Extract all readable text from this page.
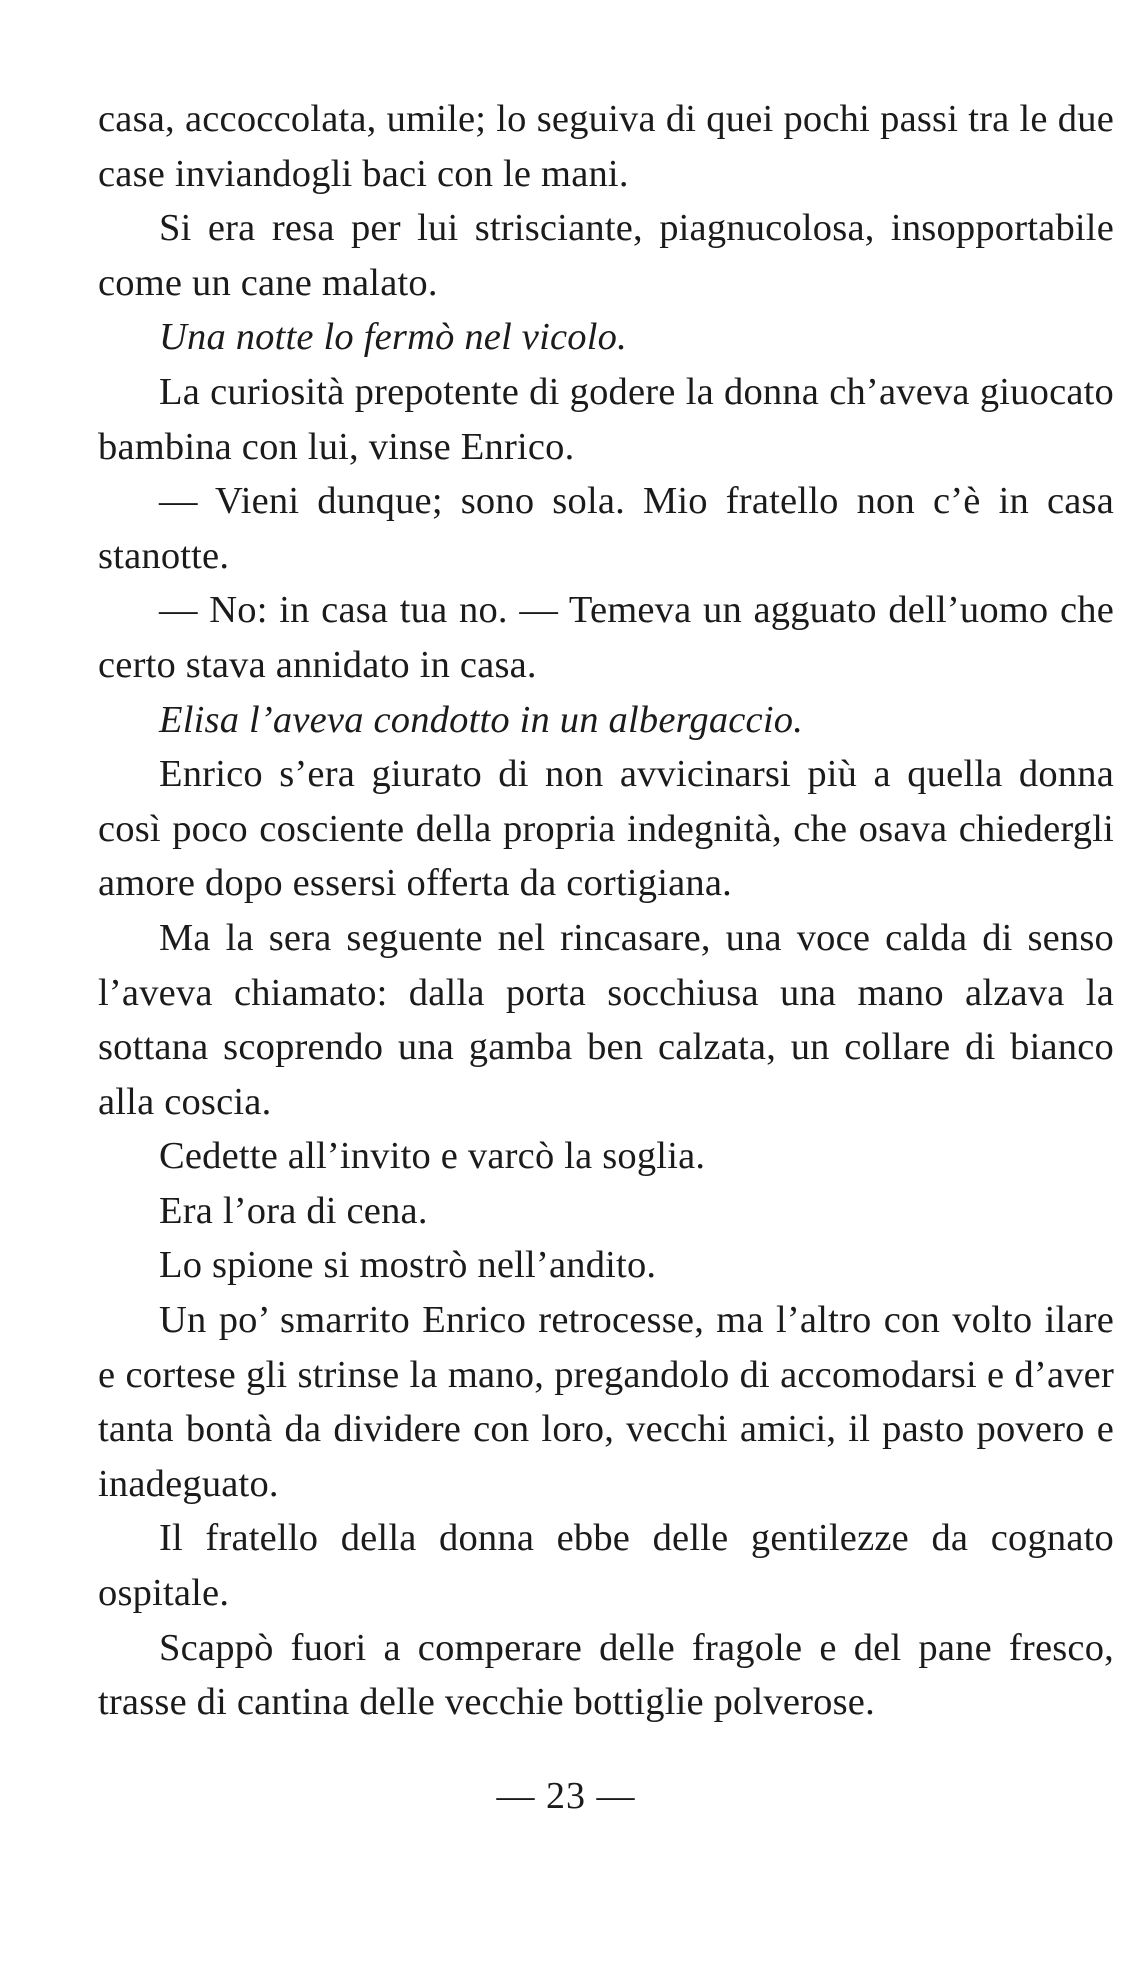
casa, accoccolata, umile; lo seguiva di quei pochi passi tra le due case inviandogli baci con le mani.

Si era resa per lui strisciante, piagnucolosa, insopportabile come un cane malato.

Una notte lo fermò nel vicolo.

La curiosità prepotente di godere la donna ch’aveva giuocato bambina con lui, vinse Enrico.

— Vieni dunque; sono sola. Mio fratello non c’è in casa stanotte.

— No: in casa tua no. — Temeva un agguato dell’uomo che certo stava annidato in casa.

Elisa l’aveva condotto in un albergaccio.

Enrico s’era giurato di non avvicinarsi più a quella donna così poco cosciente della propria indegnità, che osava chiedergli amore dopo essersi offerta da cortigiana.

Ma la sera seguente nel rincasare, una voce calda di senso l’aveva chiamato: dalla porta socchiusa una mano alzava la sottana scoprendo una gamba ben calzata, un collare di bianco alla coscia.

Cedette all’invito e varcò la soglia.

Era l’ora di cena.

Lo spione si mostrò nell’andito.

Un po’ smarrito Enrico retrocesse, ma l’altro con volto ilare e cortese gli strinse la mano, pregandolo di accomodarsi e d’aver tanta bontà da dividere con loro, vecchi amici, il pasto povero e inadeguato.

Il fratello della donna ebbe delle gentilezze da cognato ospitale.

Scappò fuori a comperare delle fragole e del pane fresco, trasse di cantina delle vecchie bottiglie polverose.

— 23 —
